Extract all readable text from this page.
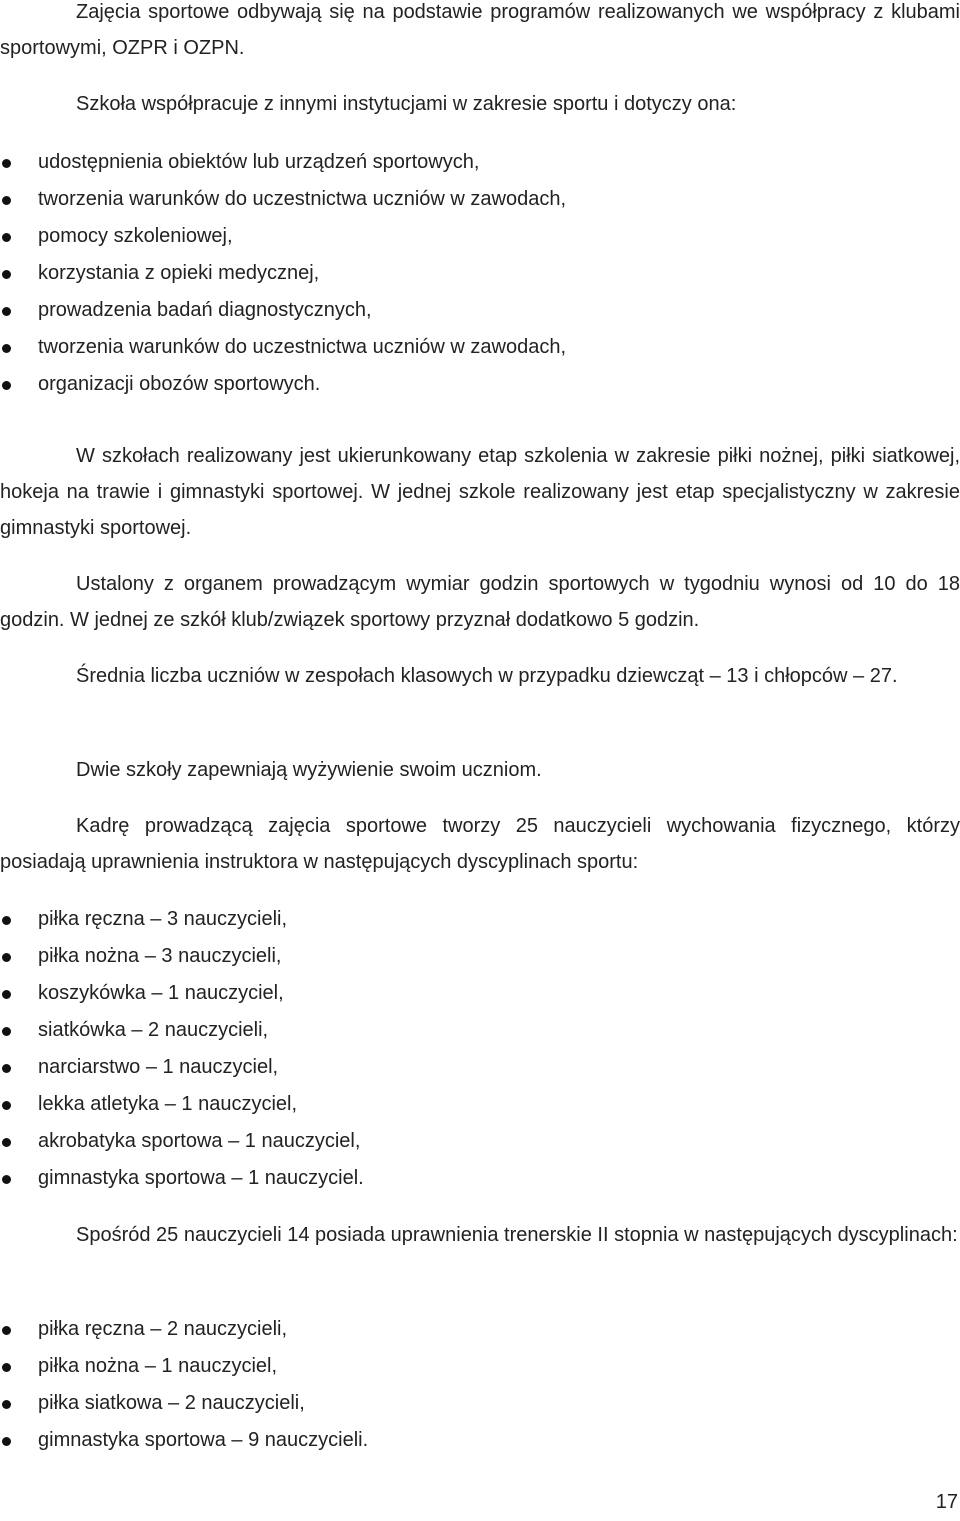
Zajęcia sportowe odbywają się na podstawie programów realizowanych we współpracy z klubami sportowymi, OZPR i OZPN.

Szkoła współpracuje z innymi instytucjami w zakresie sportu i dotyczy ona:

udostępnienia obiektów lub urządzeń sportowych,
tworzenia warunków do uczestnictwa uczniów w zawodach,
pomocy szkoleniowej,
korzystania z opieki medycznej,
prowadzenia badań diagnostycznych,
tworzenia warunków do uczestnictwa uczniów w zawodach,
organizacji obozów sportowych.

W szkołach realizowany jest ukierunkowany etap szkolenia w zakresie piłki nożnej, piłki siatkowej, hokeja na trawie i gimnastyki sportowej. W jednej szkole realizowany jest etap specjalistyczny w zakresie gimnastyki sportowej.

Ustalony z organem prowadzącym wymiar godzin sportowych w tygodniu wynosi od 10 do 18 godzin. W jednej ze szkół klub/związek sportowy przyznał dodatkowo 5 godzin.

Średnia liczba uczniów w zespołach klasowych w przypadku dziewcząt – 13 i chłopców – 27.

Dwie szkoły zapewniają wyżywienie swoim uczniom.

Kadrę prowadzącą zajęcia sportowe tworzy 25 nauczycieli wychowania fizycznego, którzy posiadają uprawnienia instruktora w następujących dyscyplinach sportu:

piłka ręczna – 3 nauczycieli,
piłka nożna – 3 nauczycieli,
koszykówka – 1 nauczyciel,
siatkówka – 2 nauczycieli,
narciarstwo – 1 nauczyciel,
lekka atletyka – 1 nauczyciel,
akrobatyka sportowa – 1 nauczyciel,
gimnastyka sportowa – 1 nauczyciel.

Spośród 25 nauczycieli 14 posiada uprawnienia trenerskie II stopnia w następujących dyscyplinach:

piłka ręczna – 2 nauczycieli,
piłka nożna – 1 nauczyciel,
piłka siatkowa – 2 nauczycieli,
gimnastyka sportowa – 9 nauczycieli.
17
